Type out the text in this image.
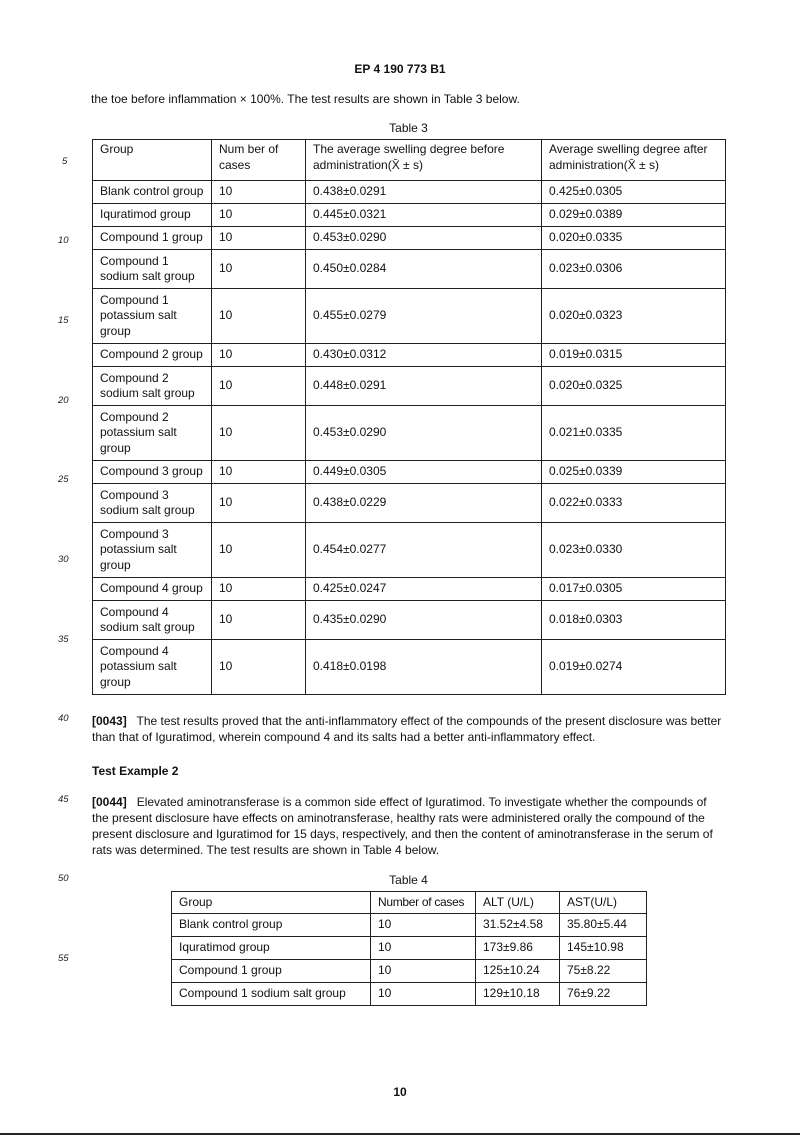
EP 4 190 773 B1
the toe before inflammation × 100%. The test results are shown in Table 3 below.
5
10
15
20
25
30
35
40
45
50
55
Table 3
Group	Num ber of cases	The average swelling degree before administration(X̄ ± s)	Average swelling degree after administration(X̄ ± s)
Blank control group	10	0.438±0.0291	0.425±0.0305
Iquratimod group	10	0.445±0.0321	0.029±0.0389
Compound 1 group	10	0.453±0.0290	0.020±0.0335
Compound 1 sodium salt group	10	0.450±0.0284	0.023±0.0306
Compound 1 potassium salt group	10	0.455±0.0279	0.020±0.0323
Compound 2 group	10	0.430±0.0312	0.019±0.0315
Compound 2 sodium salt group	10	0.448±0.0291	0.020±0.0325
Compound 2 potassium salt group	10	0.453±0.0290	0.021±0.0335
Compound 3 group	10	0.449±0.0305	0.025±0.0339
Compound 3 sodium salt group	10	0.438±0.0229	0.022±0.0333
Compound 3 potassium salt group	10	0.454±0.0277	0.023±0.0330
Compound 4 group	10	0.425±0.0247	0.017±0.0305
Compound 4 sodium salt group	10	0.435±0.0290	0.018±0.0303
Compound 4 potassium salt group	10	0.418±0.0198	0.019±0.0274
[0043] The test results proved that the anti-inflammatory effect of the compounds of the present disclosure was better than that of Iguratimod, wherein compound 4 and its salts had a better anti-inflammatory effect.
Test Example 2
[0044] Elevated aminotransferase is a common side effect of Iguratimod. To investigate whether the compounds of the present disclosure have effects on aminotransferase, healthy rats were administered orally the compound of the present disclosure and Iguratimod for 15 days, respectively, and then the content of aminotransferase in the serum of rats was determined. The test results are shown in Table 4 below.
Table 4
Group	Number of cases	ALT (U/L)	AST(U/L)
Blank control group	10	31.52±4.58	35.80±5.44
Iquratimod group	10	173±9.86	145±10.98
Compound 1 group	10	125±10.24	75±8.22
Compound 1 sodium salt group	10	129±10.18	76±9.22
10
